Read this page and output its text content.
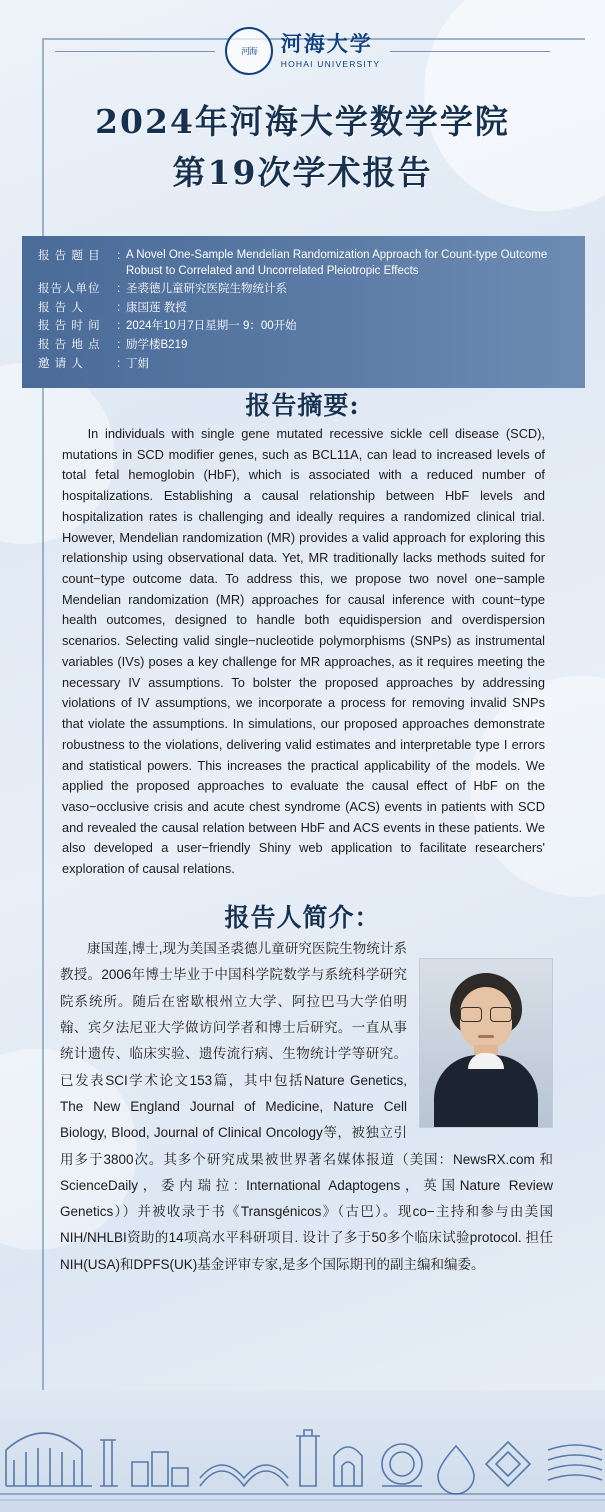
河海 河海大学
HOHAI UNIVERSITY
2024年河海大学数学学院
第19次学术报告
报 告 题 目	：
A Novel One-Sample Mendelian Randomization Approach for Count-type Outcome Robust to Correlated and Uncorrelated Pleiotropic Effects
报告人单位	：
圣裘德儿童研究医院生物统计系
报 告 人	：
康国莲 教授
报 告 时 间	：
2024年10月7日星期一 9：00开始
报 告 地 点	：
励学楼B219
邀 请 人	：
丁娟
报告摘要:

In individuals with single gene mutated recessive sickle cell disease (SCD), mutations in SCD modifier genes, such as BCL11A, can lead to increased levels of total fetal hemoglobin (HbF), which is associated with a reduced number of hospitalizations. Establishing a causal relationship between HbF levels and hospitalization rates is challenging and ideally requires a randomized clinical trial. However, Mendelian randomization (MR) provides a valid approach for exploring this relationship using observational data. Yet, MR traditionally lacks methods suited for count−type outcome data. To address this, we propose two novel one−sample Mendelian randomization (MR) approaches for causal inference with count−type health outcomes, designed to handle both equidispersion and overdispersion scenarios. Selecting valid single−nucleotide polymorphisms (SNPs) as instrumental variables (IVs) poses a key challenge for MR approaches, as it requires meeting the necessary IV assumptions. To bolster the proposed approaches by addressing violations of IV assumptions, we incorporate a process for removing invalid SNPs that violate the assumptions. In simulations, our proposed approaches demonstrate robustness to the violations, delivering valid estimates and interpretable type I errors and statistical powers. This increases the practical applicability of the models. We applied the proposed approaches to evaluate the causal effect of HbF on the vaso−occlusive crisis and acute chest syndrome (ACS) events in patients with SCD and revealed the causal relation between HbF and ACS events in these patients. We also developed a user−friendly Shiny web application to facilitate researchers' exploration of causal relations.

报告人简介：

康国莲,博士,现为美国圣裘德儿童研究医院生物统计系教授。2006年博士毕业于中国科学院数学与系统科学研究院系统所。随后在密歇根州立大学、阿拉巴马大学伯明翰、宾夕法尼亚大学做访问学者和博士后研究。一直从事统计遗传、临床实验、遗传流行病、生物统计学等研究。已发表SCI学术论文153篇，其中包括Nature Genetics, The New England Journal of Medicine, Nature Cell Biology, Blood, Journal of Clinical Oncology等，被独立引用多于3800次。其多个研究成果被世界著名媒体报道（美国：NewsRX.com 和ScienceDaily，委内瑞拉: International Adaptogens，英国Nature Review Genetics））并被收录于书《Transgénicos》（古巴）。现co−主持和参与由美国NIH/NHLBI资助的14项高水平科研项目. 设计了多于50多个临床试验protocol. 担任NIH(USA)和DPFS(UK)基金评审专家,是多个国际期刊的副主编和编委。
